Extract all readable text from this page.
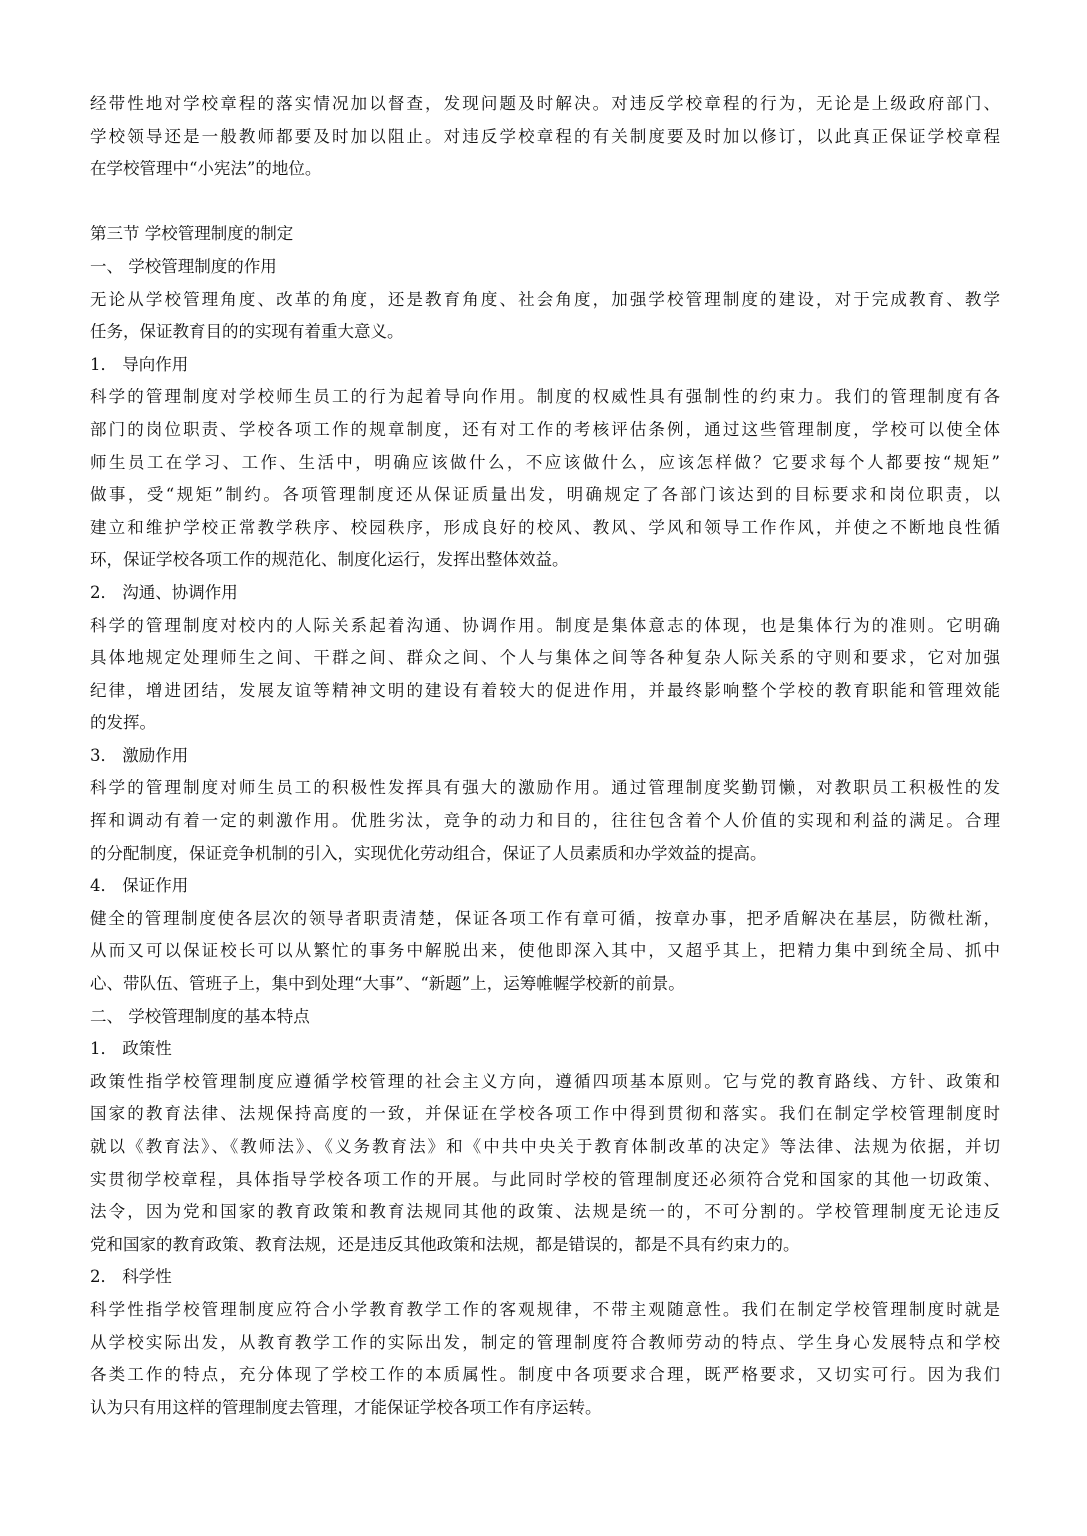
经带性地对学校章程的落实情况加以督查，发现问题及时解决。对违反学校章程的行为，无论是上级政府部门、
学校领导还是一般教师都要及时加以阻止。对违反学校章程的有关制度要及时加以修订，以此真正保证学校章程
在学校管理中“小宪法”的地位。
第三节 学校管理制度的制定
一、 学校管理制度的作用
无论从学校管理角度、改革的角度，还是教育角度、社会角度，加强学校管理制度的建设，对于完成教育、教学
任务，保证教育目的的实现有着重大意义。
1． 导向作用
科学的管理制度对学校师生员工的行为起着导向作用。制度的权威性具有强制性的约束力。我们的管理制度有各
部门的岗位职责、学校各项工作的规章制度，还有对工作的考核评估条例，通过这些管理制度，学校可以使全体
师生员工在学习、工作、生活中，明确应该做什么，不应该做什么，应该怎样做？它要求每个人都要按“规矩”
做事，受“规矩”制约。各项管理制度还从保证质量出发，明确规定了各部门该达到的目标要求和岗位职责，以
建立和维护学校正常教学秩序、校园秩序，形成良好的校风、教风、学风和领导工作作风，并使之不断地良性循
环，保证学校各项工作的规范化、制度化运行，发挥出整体效益。
2． 沟通、协调作用
科学的管理制度对校内的人际关系起着沟通、协调作用。制度是集体意志的体现，也是集体行为的准则。它明确
具体地规定处理师生之间、干群之间、群众之间、个人与集体之间等各种复杂人际关系的守则和要求，它对加强
纪律，增进团结，发展友谊等精神文明的建设有着较大的促进作用，并最终影响整个学校的教育职能和管理效能
的发挥。
3． 激励作用
科学的管理制度对师生员工的积极性发挥具有强大的激励作用。通过管理制度奖勤罚懒，对教职员工积极性的发
挥和调动有着一定的刺激作用。优胜劣汰，竞争的动力和目的，往往包含着个人价值的实现和利益的满足。合理
的分配制度，保证竞争机制的引入，实现优化劳动组合，保证了人员素质和办学效益的提高。
4． 保证作用
健全的管理制度使各层次的领导者职责清楚，保证各项工作有章可循，按章办事，把矛盾解决在基层，防微杜渐，
从而又可以保证校长可以从繁忙的事务中解脱出来，使他即深入其中，又超乎其上，把精力集中到统全局、抓中
心、带队伍、管班子上，集中到处理“大事”、“新题”上，运筹帷幄学校新的前景。
二、 学校管理制度的基本特点
1． 政策性
政策性指学校管理制度应遵循学校管理的社会主义方向，遵循四项基本原则。它与党的教育路线、方针、政策和
国家的教育法律、法规保持高度的一致，并保证在学校各项工作中得到贯彻和落实。我们在制定学校管理制度时
就以《教育法》、《教师法》、《义务教育法》和《中共中央关于教育体制改革的决定》等法律、法规为依据，并切
实贯彻学校章程，具体指导学校各项工作的开展。与此同时学校的管理制度还必须符合党和国家的其他一切政策、
法令，因为党和国家的教育政策和教育法规同其他的政策、法规是统一的，不可分割的。学校管理制度无论违反
党和国家的教育政策、教育法规，还是违反其他政策和法规，都是错误的，都是不具有约束力的。
2． 科学性
科学性指学校管理制度应符合小学教育教学工作的客观规律，不带主观随意性。我们在制定学校管理制度时就是
从学校实际出发，从教育教学工作的实际出发，制定的管理制度符合教师劳动的特点、学生身心发展特点和学校
各类工作的特点，充分体现了学校工作的本质属性。制度中各项要求合理，既严格要求，又切实可行。因为我们
认为只有用这样的管理制度去管理，才能保证学校各项工作有序运转。
